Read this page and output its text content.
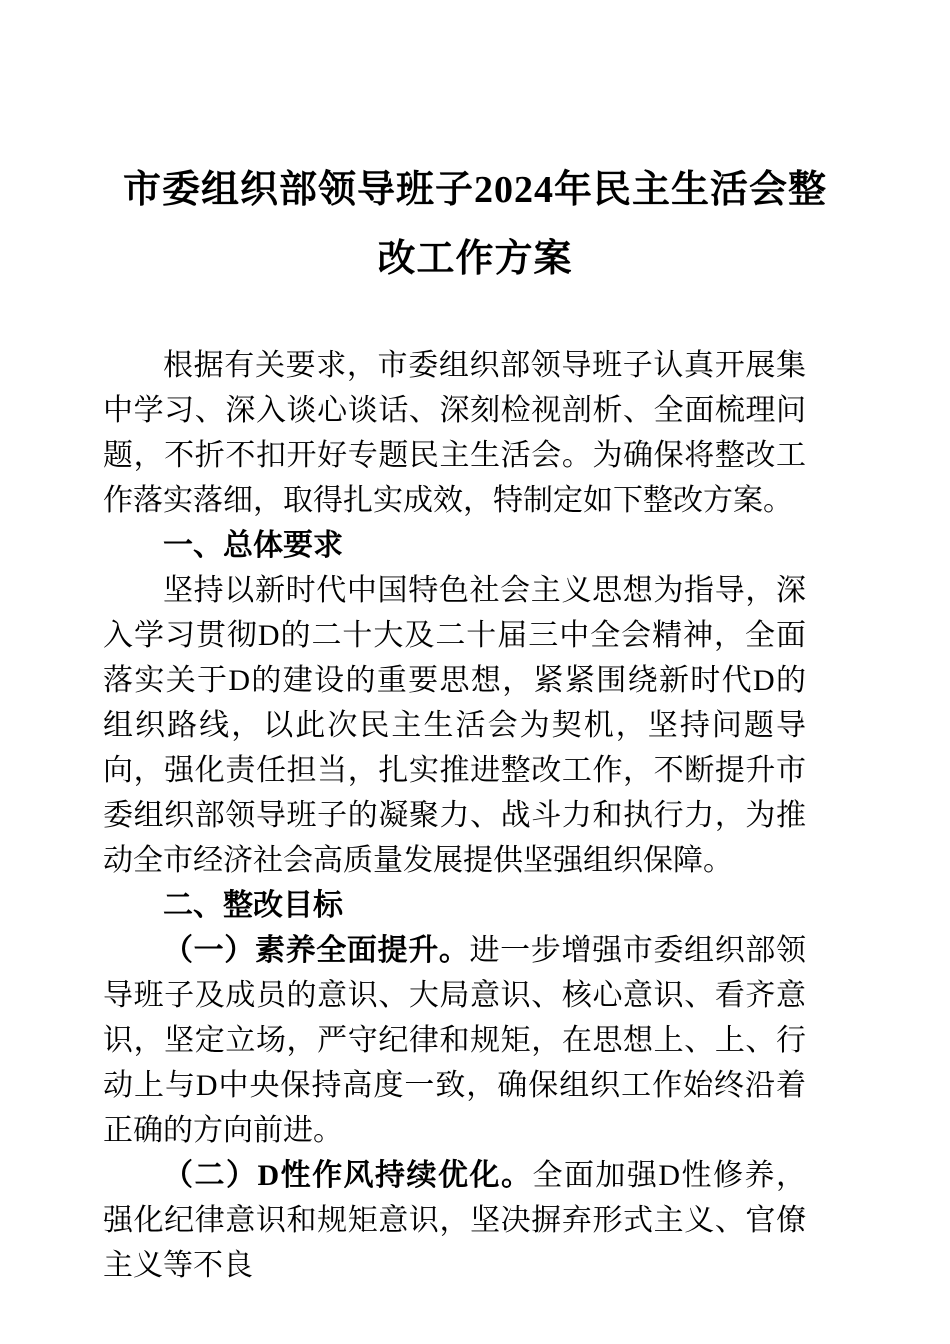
市委组织部领导班子2024年民主生活会整
改工作方案

根据有关要求，市委组织部领导班子认真开展集中学习、深入谈心谈话、深刻检视剖析、全面梳理问题，不折不扣开好专题民主生活会。为确保将整改工作落实落细，取得扎实成效，特制定如下整改方案。

一、总体要求

坚持以新时代中国特色社会主义思想为指导，深入学习贯彻D的二十大及二十届三中全会精神，全面落实关于D的建设的重要思想，紧紧围绕新时代D的组织路线，以此次民主生活会为契机，坚持问题导向，强化责任担当，扎实推进整改工作，不断提升市委组织部领导班子的凝聚力、战斗力和执行力，为推动全市经济社会高质量发展提供坚强组织保障。

二、整改目标

（一）素养全面提升。进一步增强市委组织部领导班子及成员的意识、大局意识、核心意识、看齐意识，坚定立场，严守纪律和规矩，在思想上、上、行动上与D中央保持高度一致，确保组织工作始终沿着正确的方向前进。

（二）D性作风持续优化。全面加强D性修养，强化纪律意识和规矩意识，坚决摒弃形式主义、官僚主义等不良
